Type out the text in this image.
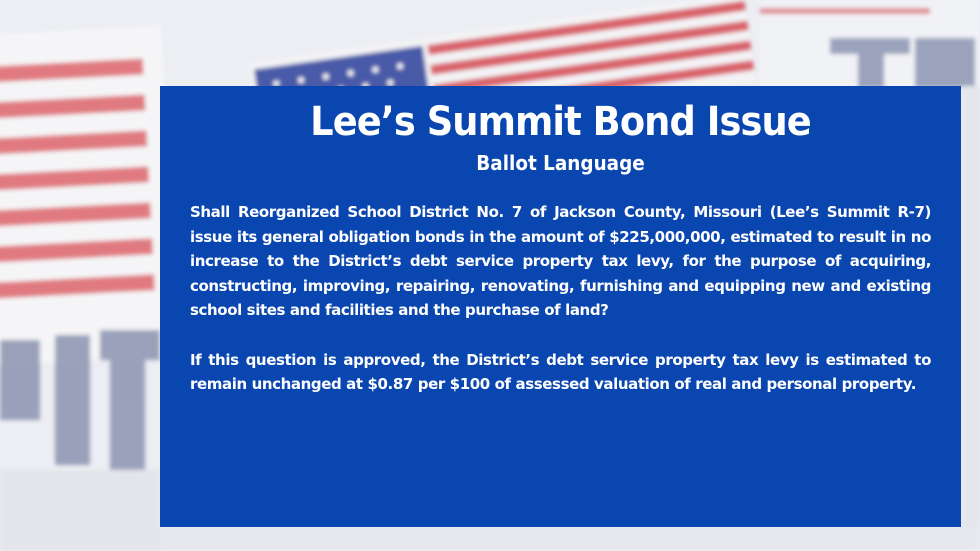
Lee’s Summit Bond Issue
Ballot Language

Shall Reorganized School District No. 7 of Jackson County, Missouri (Lee’s Summit R-7) issue its general obligation bonds in the amount of $225,000,000, estimated to result in no increase to the District’s debt service property tax levy, for the purpose of acquiring, constructing, improving, repairing, renovating, furnishing and equipping new and existing school sites and facilities and the purchase of land?

If this question is approved, the District’s debt service property tax levy is estimated to remain unchanged at $0.87 per $100 of assessed valuation of real and personal property.
